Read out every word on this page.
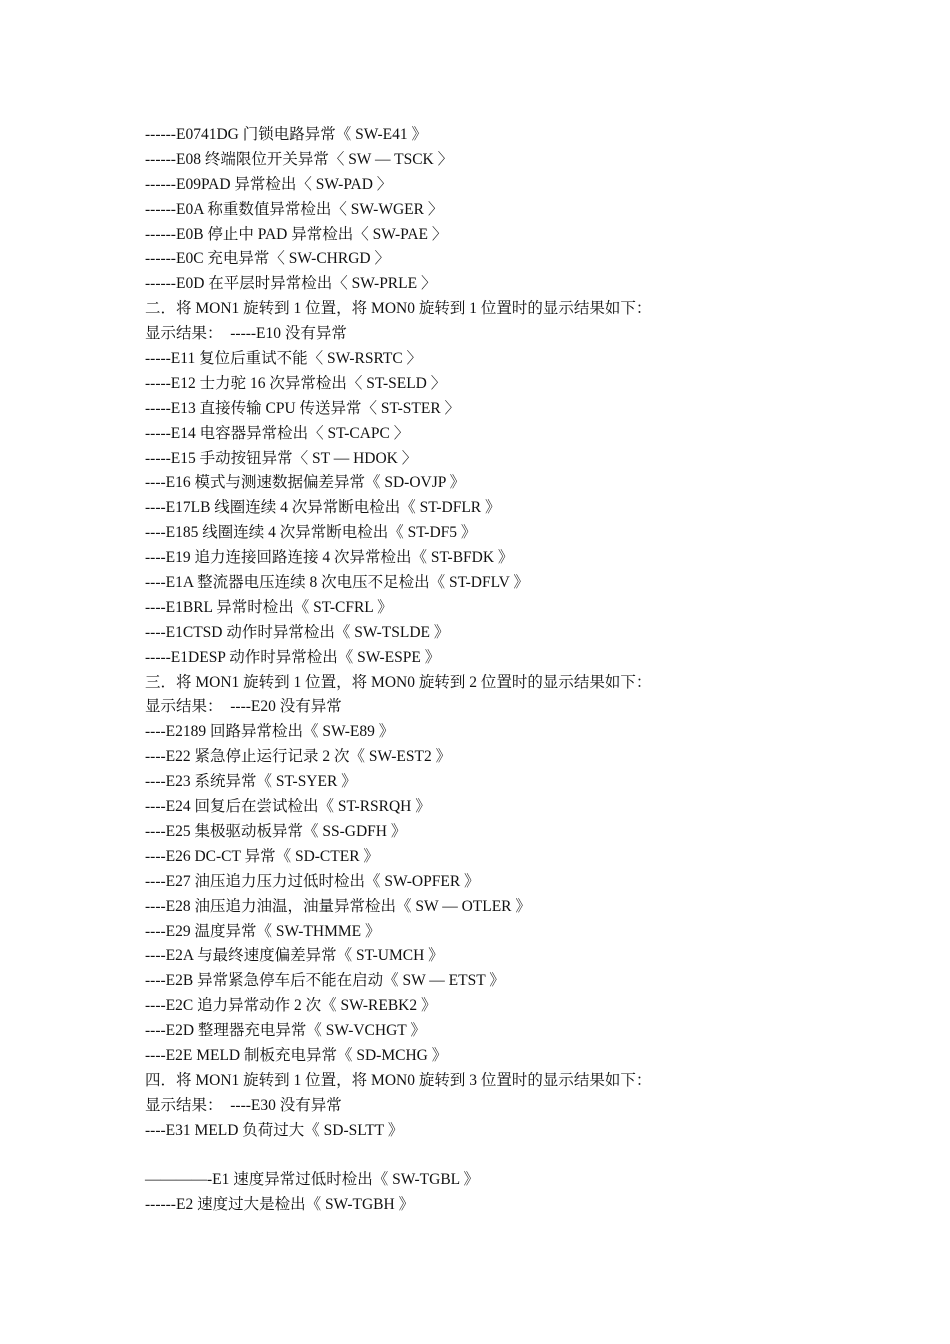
------E0741DG 门锁电路异常《 SW-E41 》
------E08 终端限位开关异常〈 SW — TSCK 〉
------E09PAD 异常检出〈 SW-PAD 〉
------E0A 称重数值异常检出〈 SW-WGER 〉
------E0B 停止中 PAD 异常检出〈 SW-PAE 〉
------E0C 充电异常〈 SW-CHRGD 〉
------E0D 在平层时异常检出〈 SW-PRLE 〉
二．将 MON1 旋转到 1 位置，将 MON0 旋转到 1 位置时的显示结果如下：
显示结果：  -----E10 没有异常
-----E11 复位后重试不能〈 SW-RSRTC 〉
-----E12 士力驼 16 次异常检出〈 ST-SELD 〉
-----E13 直接传输 CPU 传送异常〈 ST-STER 〉
-----E14 电容器异常检出〈 ST-CAPC 〉
-----E15 手动按钮异常〈 ST — HDOK 〉
----E16 模式与测速数据偏差异常《 SD-OVJP 》
----E17LB 线圈连续 4 次异常断电检出《 ST-DFLR 》
----E185 线圈连续 4 次异常断电检出《 ST-DF5 》
----E19 追力连接回路连接 4 次异常检出《 ST-BFDK 》
----E1A 整流器电压连续 8 次电压不足检出《 ST-DFLV 》
----E1BRL 异常时检出《 ST-CFRL 》
----E1CTSD 动作时异常检出《 SW-TSLDE 》
-----E1DESP 动作时异常检出《 SW-ESPE 》
三．将 MON1 旋转到 1 位置，将 MON0 旋转到 2 位置时的显示结果如下：
显示结果：  ----E20 没有异常
----E2189 回路异常检出《 SW-E89 》
----E22 紧急停止运行记录 2 次《 SW-EST2 》
----E23 系统异常《 ST-SYER 》
----E24 回复后在尝试检出《 ST-RSRQH 》
----E25 集极驱动板异常《 SS-GDFH 》
----E26 DC-CT 异常《 SD-CTER 》
----E27 油压追力压力过低时检出《 SW-OPFER 》
----E28 油压追力油温，油量异常检出《 SW — OTLER 》
----E29 温度异常《 SW-THMME 》
----E2A 与最终速度偏差异常《 ST-UMCH 》
----E2B 异常紧急停车后不能在启动《 SW — ETST 》
----E2C 追力异常动作 2 次《 SW-REBK2 》
----E2D 整理器充电异常《 SW-VCHGT 》
----E2E MELD 制板充电异常《 SD-MCHG 》
四．将 MON1 旋转到 1 位置，将 MON0 旋转到 3 位置时的显示结果如下：
显示结果：  ----E30 没有异常
----E31 MELD 负荷过大《 SD-SLTT 》
————-E1 速度异常过低时检出《 SW-TGBL 》
------E2 速度过大是检出《 SW-TGBH 》
